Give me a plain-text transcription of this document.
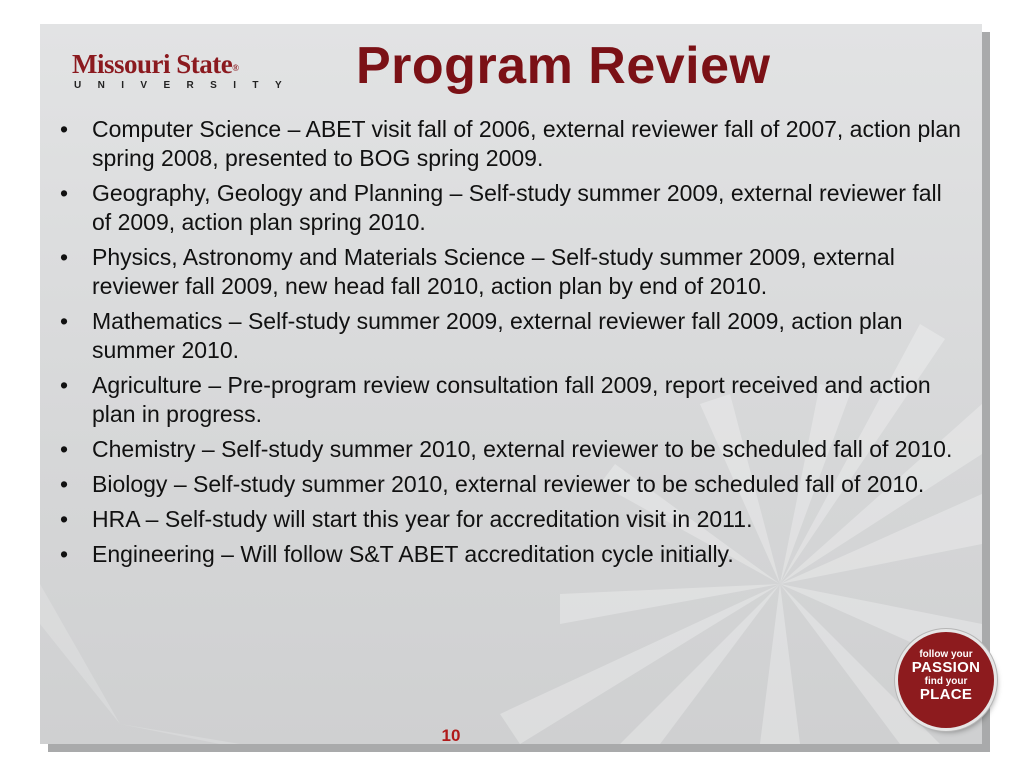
Missouri State®
UNIVERSITY Program Review
• Computer Science – ABET visit fall of 2006, external reviewer fall of 2007, action plan spring 2008, presented to BOG spring 2009.
• Geography, Geology and Planning – Self-study summer 2009, external reviewer fall of 2009, action plan spring 2010.
• Physics, Astronomy and Materials Science – Self-study summer 2009, external reviewer fall 2009, new head fall 2010, action plan by end of 2010.
• Mathematics – Self-study summer 2009, external reviewer fall 2009, action plan summer 2010.
• Agriculture – Pre-program review consultation fall 2009, report received and action plan in progress.
• Chemistry – Self-study summer 2010, external reviewer to be scheduled fall of 2010.
• Biology – Self-study summer 2010, external reviewer to be scheduled fall of 2010.
• HRA – Self-study will start this year for accreditation visit in 2011.
• Engineering – Will follow S&T ABET accreditation cycle initially.
10
follow your
PASSION
find your
PLACE
